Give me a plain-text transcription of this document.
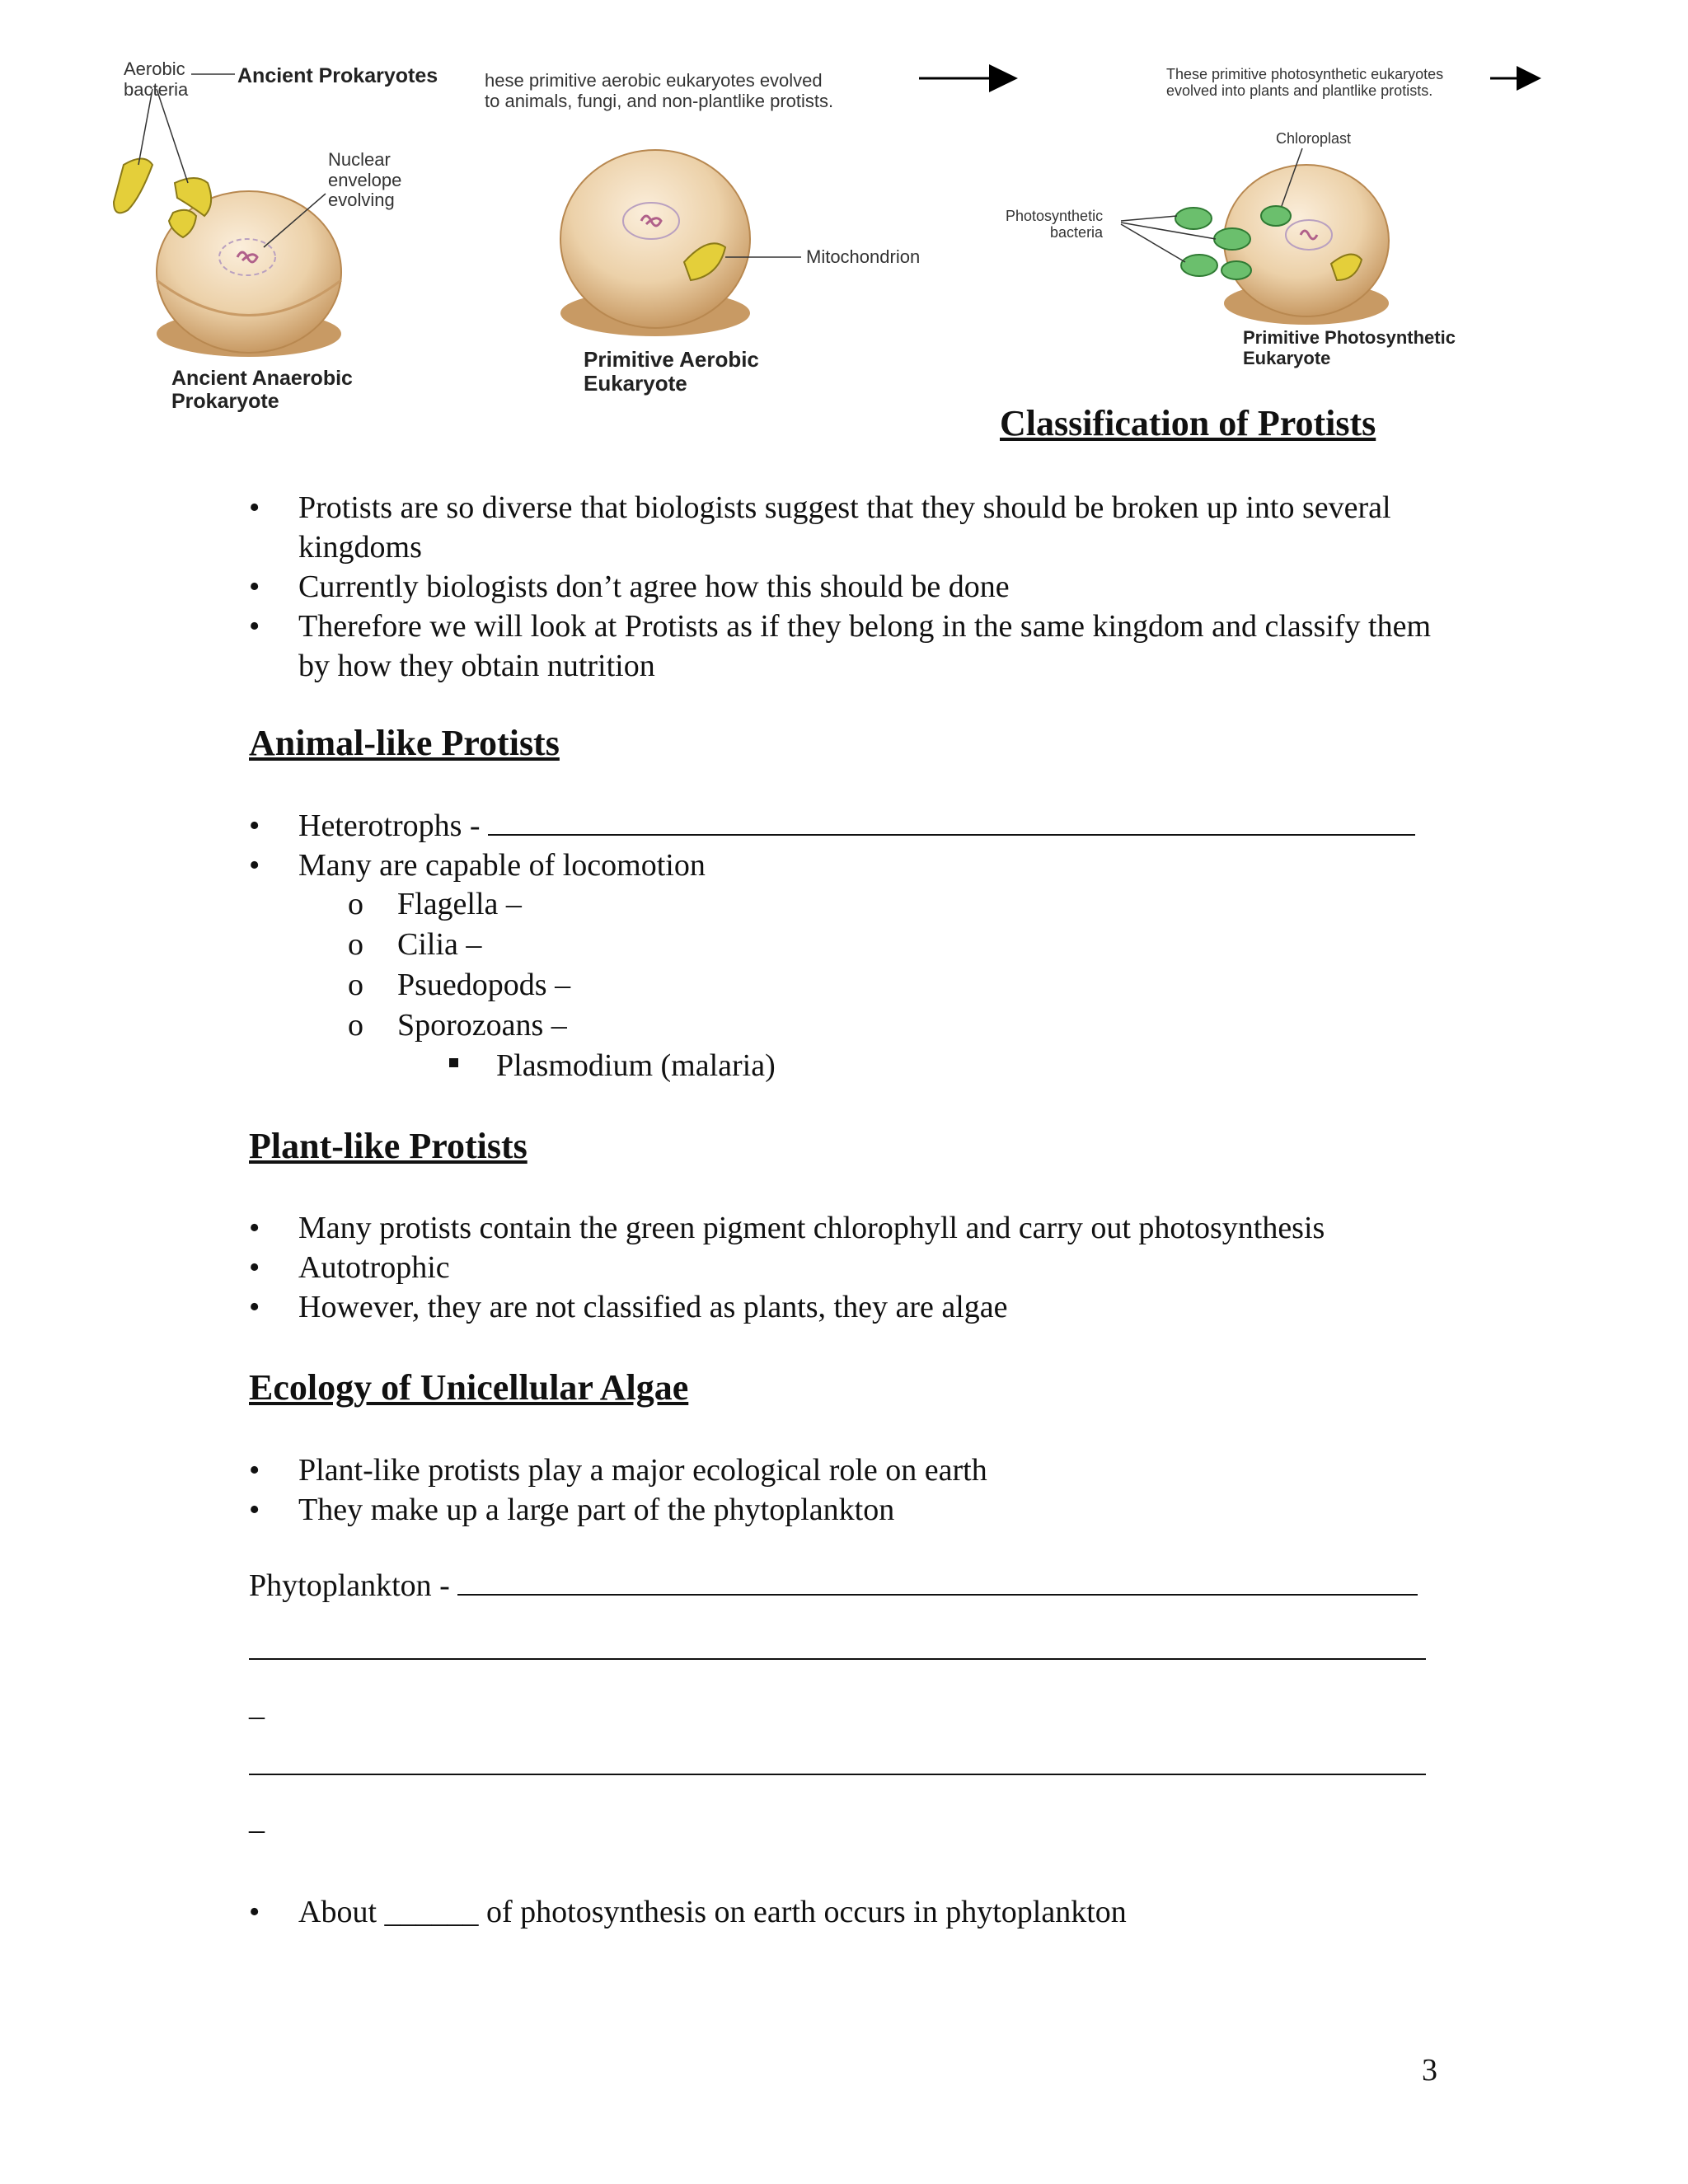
Aerobic
bacteria
Ancient Prokaryotes
Nuclear
envelope
evolving
Ancient Anaerobic
Prokaryote
hese primitive aerobic eukaryotes evolved
to animals, fungi, and non-plantlike protists.
Mitochondrion
Primitive Aerobic
Eukaryote
These primitive photosynthetic eukaryotes
evolved into plants and plantlike protists.
Chloroplast
Photosynthetic
bacteria
Primitive Photosynthetic
Eukaryote
Classification of Protists
•	Protists are so diverse that biologists suggest that they should be broken up into several kingdoms
•	Currently biologists don’t agree how this should be done
•	Therefore we will look at Protists as if they belong in the same kingdom and classify them by how they obtain nutrition
Animal-like Protists
•	Heterotrophs -
•	Many are capable of locomotion
o Flagella –
o Cilia –
o Psuedopods –
o Sporozoans –
Plasmodium (malaria)
Plant-like Protists
•	Many protists contain the green pigment chlorophyll and carry out photosynthesis
•	Autotrophic
•	However, they are not classified as plants, they are algae
Ecology of Unicellular Algae
•	Plant-like protists play a major ecological role on earth
•	They make up a large part of the phytoplankton
Phytoplankton -
_
_
•	About ______ of photosynthesis on earth occurs in phytoplankton
3
